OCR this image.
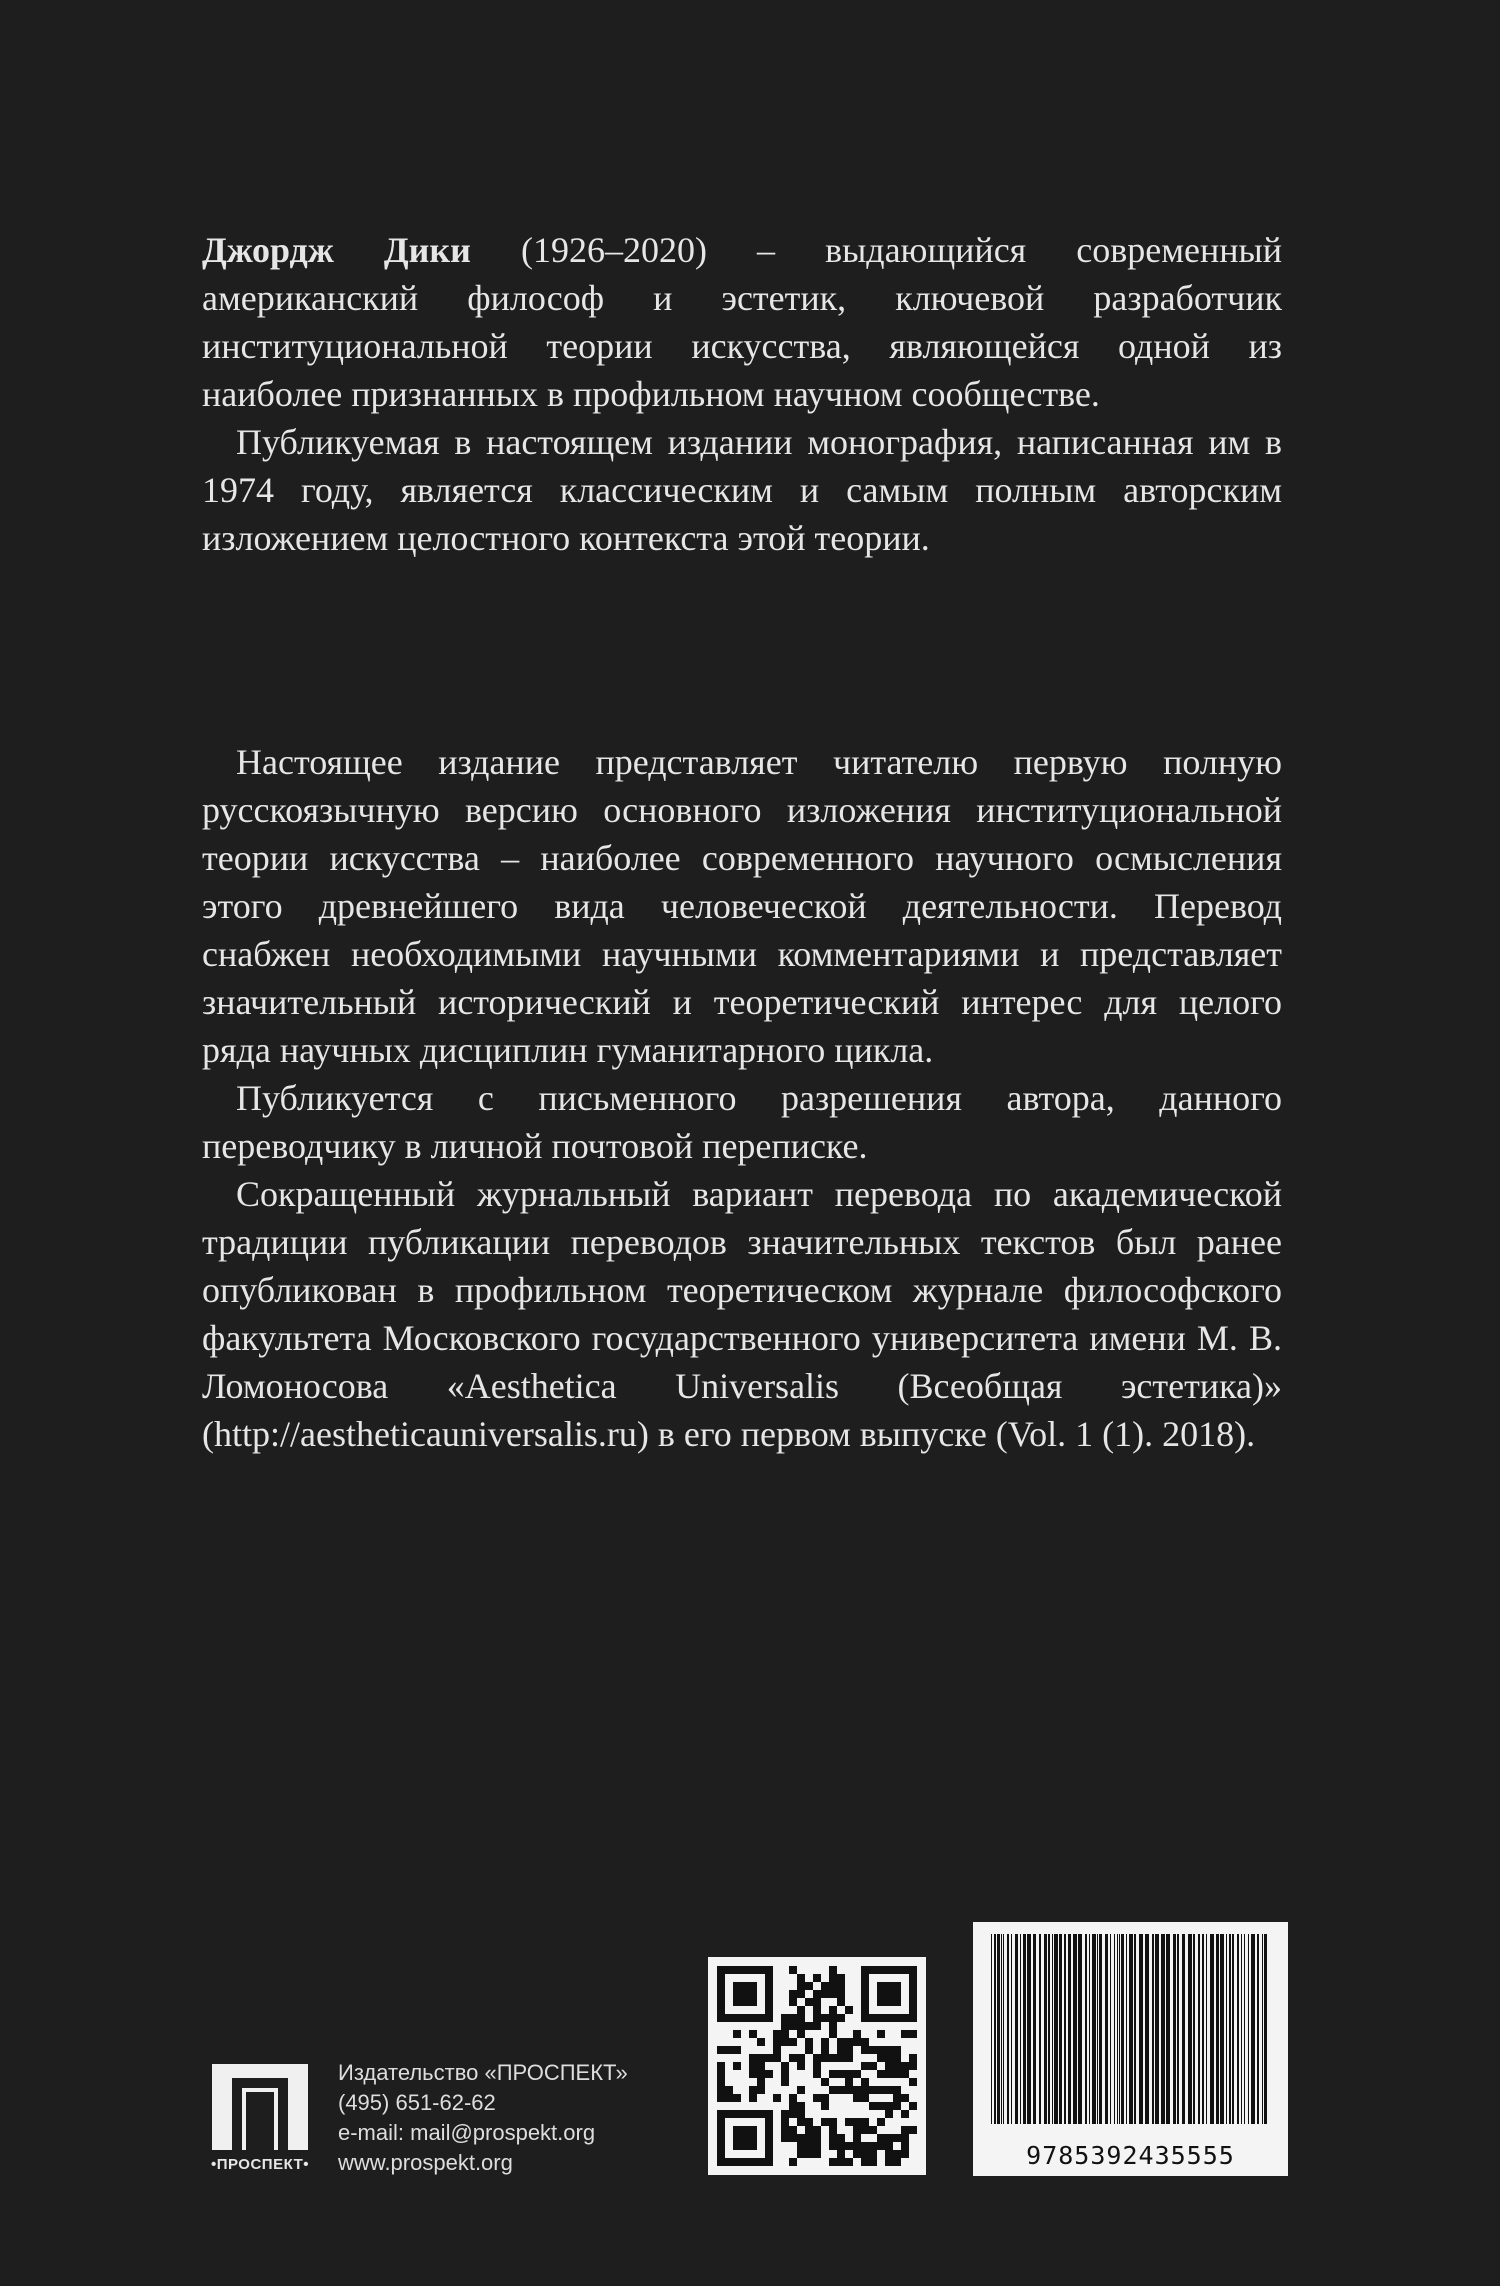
Джордж Дики (1926–2020) – выдающийся современный американский философ и эстетик, ключевой разработчик институциональной теории искусства, являющейся одной из наиболее признанных в профильном научном сообществе.

Публикуемая в настоящем издании монография, написанная им в 1974 году, является классическим и самым полным авторским изложением целостного контекста этой теории.

Настоящее издание представляет читателю первую полную русскоязычную версию основного изложения институциональной теории искусства – наиболее современного научного осмысления этого древнейшего вида человеческой деятельности. Перевод снабжен необходимыми научными комментариями и представляет значительный исторический и теоретический интерес для целого ряда научных дисциплин гуманитарного цикла.

Публикуется с письменного разрешения автора, данного переводчику в личной почтовой переписке.

Сокращенный журнальный вариант перевода по академической традиции публикации переводов значительных текстов был ранее опубликован в профильном теоретическом журнале философского факультета Московского государственного университета имени М. В. Ломоносова «Aesthetica Universalis (Всеобщая эстетика)» (http://aestheticauniversalis.ru) в его первом выпуске (Vol. 1 (1). 2018).

•ПРОСПЕКТ•
Издательство «ПРОСПЕКТ»
(495) 651-62-62
e-mail: mail@prospekt.org
www.prospekt.org	9785392435555
